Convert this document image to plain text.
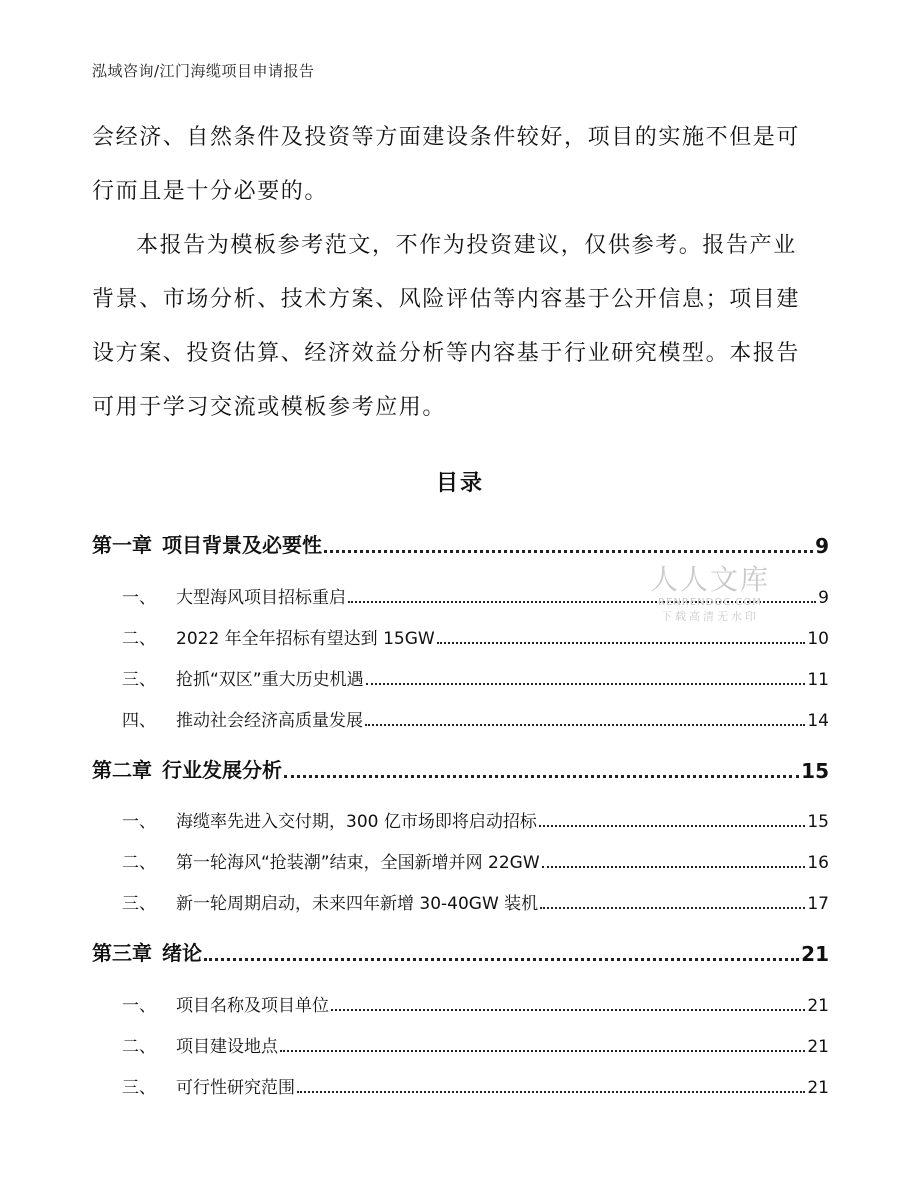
泓域咨询/江门海缆项目申请报告

会经济、自然条件及投资等方面建设条件较好，项目的实施不但是可
行而且是十分必要的。

本报告为模板参考范文，不作为投资建议，仅供参考。报告产业
背景、市场分析、技术方案、风险评估等内容基于公开信息；项目建
设方案、投资估算、经济效益分析等内容基于行业研究模型。本报告
可用于学习交流或模板参考应用。

目录
第一章 项目背景及必要性	9
一、	大型海风项目招标重启	9
二、	2022 年全年招标有望达到 15GW	10
三、	抢抓“双区”重大历史机遇	11
四、	推动社会经济高质量发展	14
第二章 行业发展分析	15
一、	海缆率先进入交付期，300 亿市场即将启动招标	15
二、	第一轮海风“抢装潮”结束，全国新增并网 22GW	16
三、	新一轮周期启动，未来四年新增 30-40GW 装机	17
第三章 绪论	21
一、	项目名称及项目单位	21
二、	项目建设地点	21
三、	可行性研究范围	21
人人文库
RENRENDOC.COM
下载高清无水印
